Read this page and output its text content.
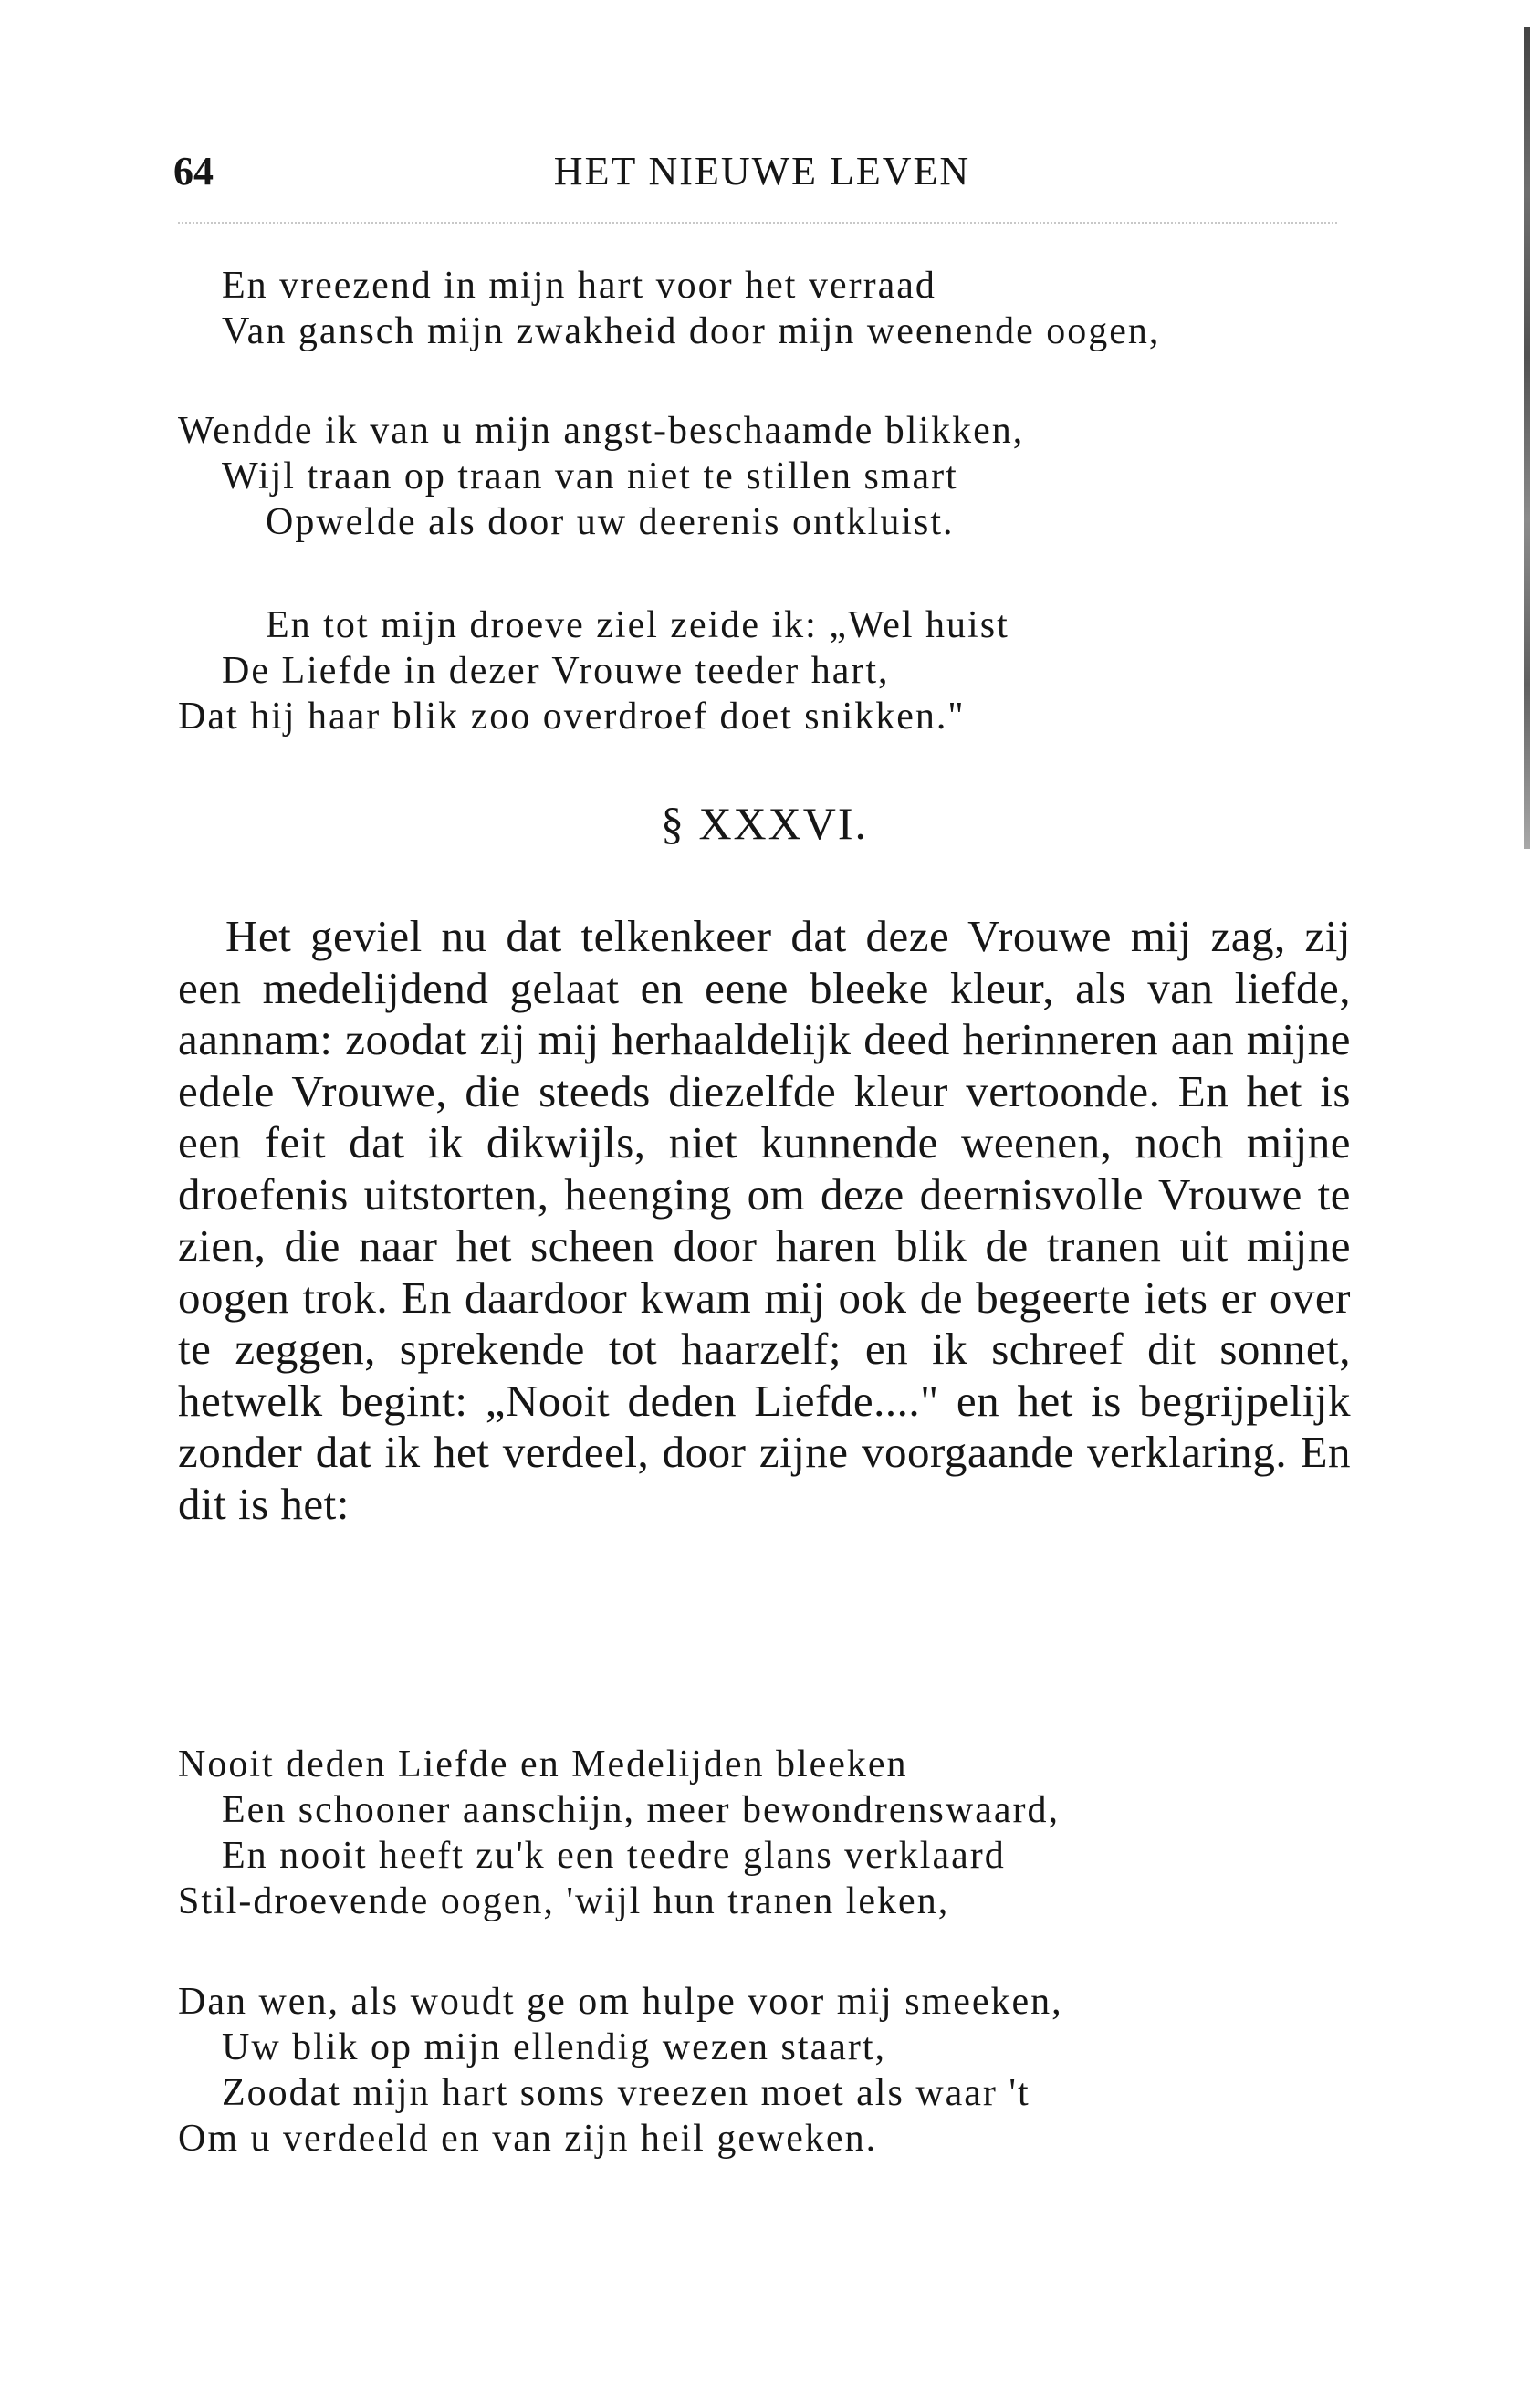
64	HET NIEUWE LEVEN
En vreezend in mijn hart voor het verraad
Van gansch mijn zwakheid door mijn weenende oogen,
Wendde ik van u mijn angst-beschaamde blikken,
Wijl traan op traan van niet te stillen smart
Opwelde als door uw deerenis ontkluist.
En tot mijn droeve ziel zeide ik: „Wel huist
De Liefde in dezer Vrouwe teeder hart,
Dat hij haar blik zoo overdroef doet snikken."
§ XXXVI.

Het geviel nu dat telkenkeer dat deze Vrouwe mij zag, zij een medelijdend gelaat en eene bleeke kleur, als van liefde, aannam: zoodat zij mij herhaaldelijk deed herinneren aan mijne edele Vrouwe, die steeds diezelfde kleur vertoonde. En het is een feit dat ik dikwijls, niet kunnende weenen, noch mijne droefenis uitstorten, heenging om deze deernisvolle Vrouwe te zien, die naar het scheen door haren blik de tranen uit mijne oogen trok. En daardoor kwam mij ook de begeerte iets er over te zeggen, sprekende tot haarzelf; en ik schreef dit sonnet, hetwelk begint: „Nooit deden Liefde...." en het is begrijpelijk zonder dat ik het verdeel, door zijne voorgaande verklaring. En dit is het:

Nooit deden Liefde en Medelijden bleeken
Een schooner aanschijn, meer bewondrenswaard,
En nooit heeft zu'k een teedre glans verklaard
Stil-droevende oogen, 'wijl hun tranen leken,
Dan wen, als woudt ge om hulpe voor mij smeeken,
Uw blik op mijn ellendig wezen staart,
Zoodat mijn hart soms vreezen moet als waar 't
Om u verdeeld en van zijn heil geweken.
